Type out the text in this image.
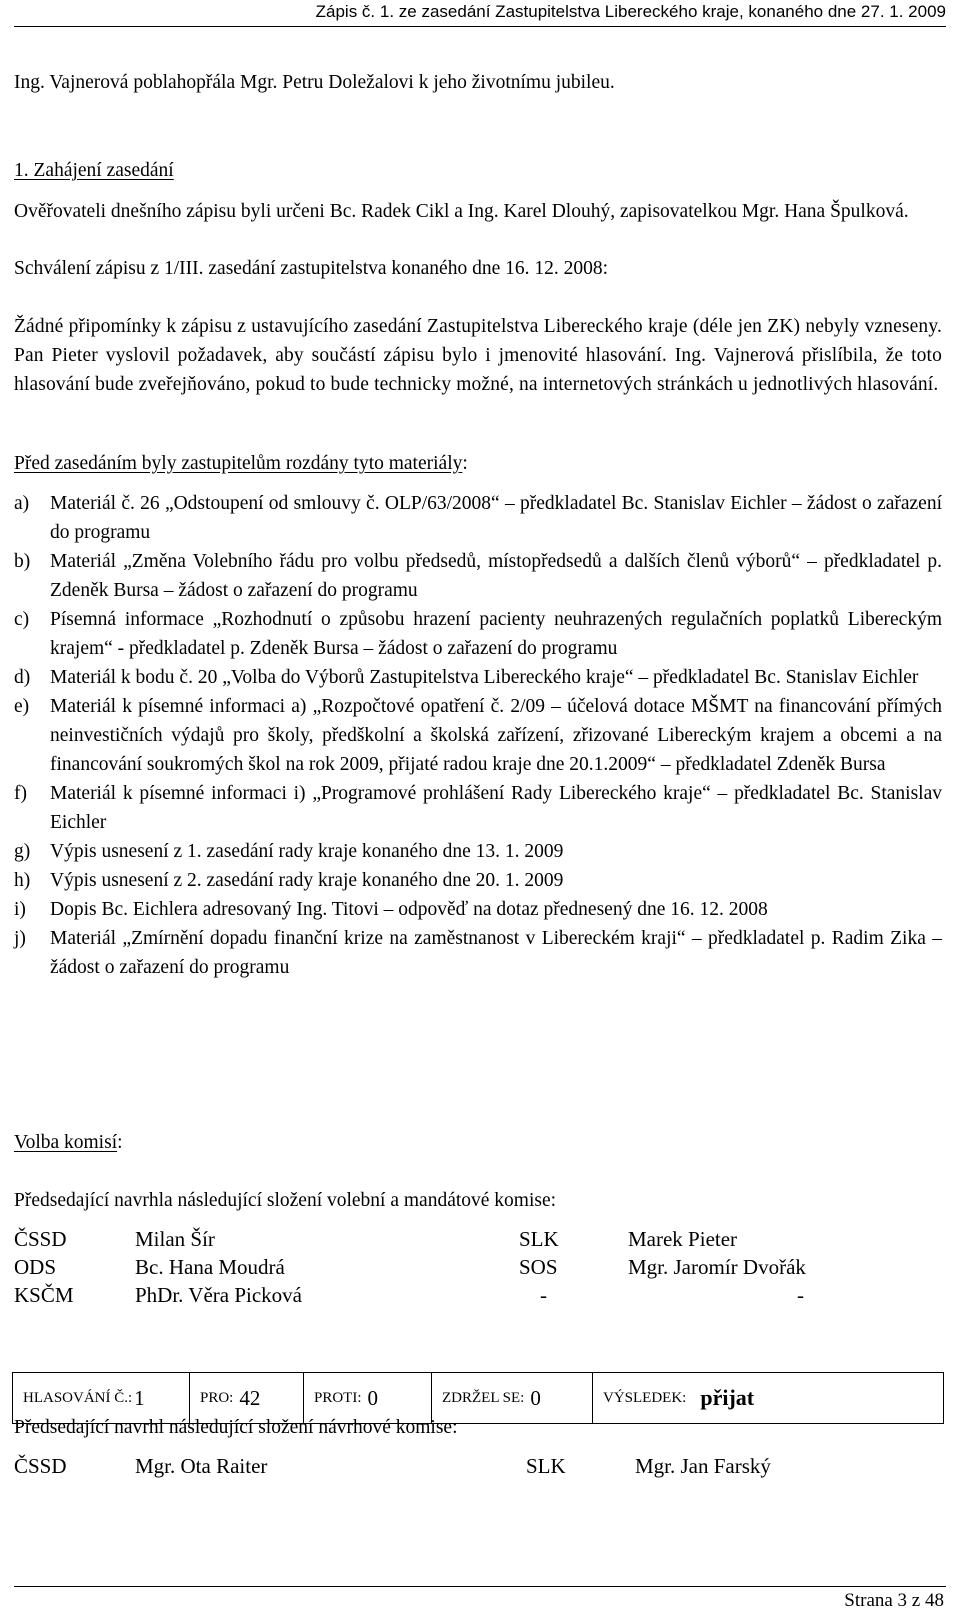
Zápis č. 1. ze zasedání Zastupitelstva Libereckého kraje, konaného dne 27. 1. 2009

Ing. Vajnerová poblahopřála Mgr. Petru Doležalovi k jeho životnímu jubileu.

1. Zahájení zasedání

Ověřovateli dnešního zápisu byli určeni Bc. Radek Cikl a Ing. Karel Dlouhý, zapisovatelkou Mgr. Hana Špulková.

Schválení zápisu z 1/III. zasedání zastupitelstva konaného dne 16. 12. 2008:

Žádné připomínky k zápisu z ustavujícího zasedání Zastupitelstva Libereckého kraje (déle jen ZK) nebyly vzneseny. Pan Pieter vyslovil požadavek, aby součástí zápisu bylo i jmenovité hlasování. Ing. Vajnerová přislíbila, že toto hlasování bude zveřejňováno, pokud to bude technicky možné, na internetových stránkách u jednotlivých hlasování.

Před zasedáním byly zastupitelům rozdány tyto materiály:

a) Materiál č. 26 „Odstoupení od smlouvy č. OLP/63/2008“ – předkladatel Bc. Stanislav Eichler – žádost o zařazení do programu
b) Materiál „Změna Volebního řádu pro volbu předsedů, místopředsedů a dalších členů výborů“ – předkladatel p. Zdeněk Bursa – žádost o zařazení do programu
c) Písemná informace „Rozhodnutí o způsobu hrazení pacienty neuhrazených regulačních poplatků Libereckým krajem“ - předkladatel p. Zdeněk Bursa – žádost o zařazení do programu
d) Materiál k bodu č. 20 „Volba do Výborů Zastupitelstva Libereckého kraje“ – předkladatel Bc. Stanislav Eichler
e) Materiál k písemné informaci a) „Rozpočtové opatření č. 2/09 – účelová dotace MŠMT na financování přímých neinvestičních výdajů pro školy, předškolní a školská zařízení, zřizované Libereckým krajem a obcemi a na financování soukromých škol na rok 2009, přijaté radou kraje dne 20.1.2009“ – předkladatel Zdeněk Bursa
f) Materiál k písemné informaci i) „Programové prohlášení Rady Libereckého kraje“ – předkladatel Bc. Stanislav Eichler
g) Výpis usnesení z 1. zasedání rady kraje konaného dne 13. 1. 2009
h) Výpis usnesení z 2. zasedání rady kraje konaného dne 20. 1. 2009
i) Dopis Bc. Eichlera adresovaný Ing. Titovi – odpověď na dotaz přednesený dne 16. 12. 2008
j) Materiál „Zmírnění dopadu finanční krize na zaměstnanost v Libereckém kraji“ – předkladatel p. Radim Zika – žádost o zařazení do programu

Volba komisí:

Předsedající navrhla následující složení volební a mandátové komise:

ČSSD	Milan Šír	SLK	Marek Pieter
ODS	Bc. Hana Moudrá	SOS	Mgr. Jaromír Dvořák
KSČM	PhDr. Věra Picková	-	-
HLASOVÁNÍ Č.: 1	PRO: 42	PROTI: 0	ZDRŽEL SE: 0	VÝSLEDEK: přijat

Předsedající navrhl následující složení návrhové komise:

ČSSD	Mgr. Ota Raiter	SLK	Mgr. Jan Farský
Strana 3 z 48
